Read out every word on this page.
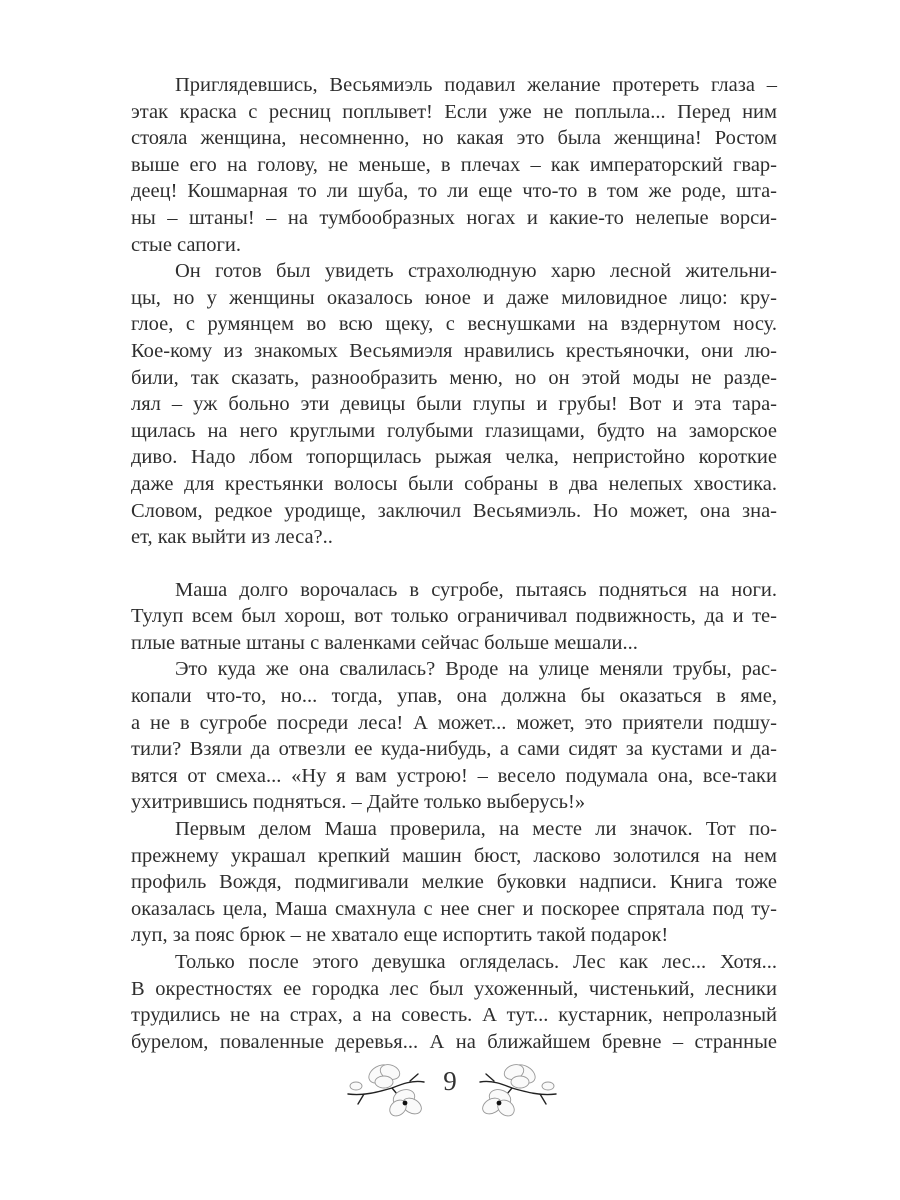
Приглядевшись, Весьямиэль подавил желание протереть глаза –
этак краска с ресниц поплывет! Если уже не поплыла... Перед ним
стояла женщина, несомненно, но какая это была женщина! Ростом
выше его на голову, не меньше, в плечах – как императорский гвар-
деец! Кошмарная то ли шуба, то ли еще что-то в том же роде, шта-
ны – штаны! – на тумбообразных ногах и какие-то нелепые ворси-
стые сапоги.
Он готов был увидеть страхолюдную харю лесной жительни-
цы, но у женщины оказалось юное и даже миловидное лицо: кру-
глое, с румянцем во всю щеку, с веснушками на вздернутом носу.
Кое-кому из знакомых Весьямиэля нравились крестьяночки, они лю-
били, так сказать, разнообразить меню, но он этой моды не разде-
лял – уж больно эти девицы были глупы и грубы! Вот и эта тара-
щилась на него круглыми голубыми глазищами, будто на заморское
диво. Надо лбом топорщилась рыжая челка, непристойно короткие
даже для крестьянки волосы были собраны в два нелепых хвостика.
Словом, редкое уродище, заключил Весьямиэль. Но может, она зна-
ет, как выйти из леса?..
Маша долго ворочалась в сугробе, пытаясь подняться на ноги.
Тулуп всем был хорош, вот только ограничивал подвижность, да и те-
плые ватные штаны с валенками сейчас больше мешали...
Это куда же она свалилась? Вроде на улице меняли трубы, рас-
копали что-то, но... тогда, упав, она должна бы оказаться в яме,
а не в сугробе посреди леса! А может... может, это приятели подшу-
тили? Взяли да отвезли ее куда-нибудь, а сами сидят за кустами и да-
вятся от смеха... «Ну я вам устрою! – весело подумала она, все-таки
ухитрившись подняться. – Дайте только выберусь!»
Первым делом Маша проверила, на месте ли значок. Тот по-
прежнему украшал крепкий машин бюст, ласково золотился на нем
профиль Вождя, подмигивали мелкие буковки надписи. Книга тоже
оказалась цела, Маша смахнула с нее снег и поскорее спрятала под ту-
луп, за пояс брюк – не хватало еще испортить такой подарок!
Только после этого девушка огляделась. Лес как лес... Хотя...
В окрестностях ее городка лес был ухоженный, чистенький, лесники
трудились не на страх, а на совесть. А тут... кустарник, непролазный
бурелом, поваленные деревья... А на ближайшем бревне – странные
9
